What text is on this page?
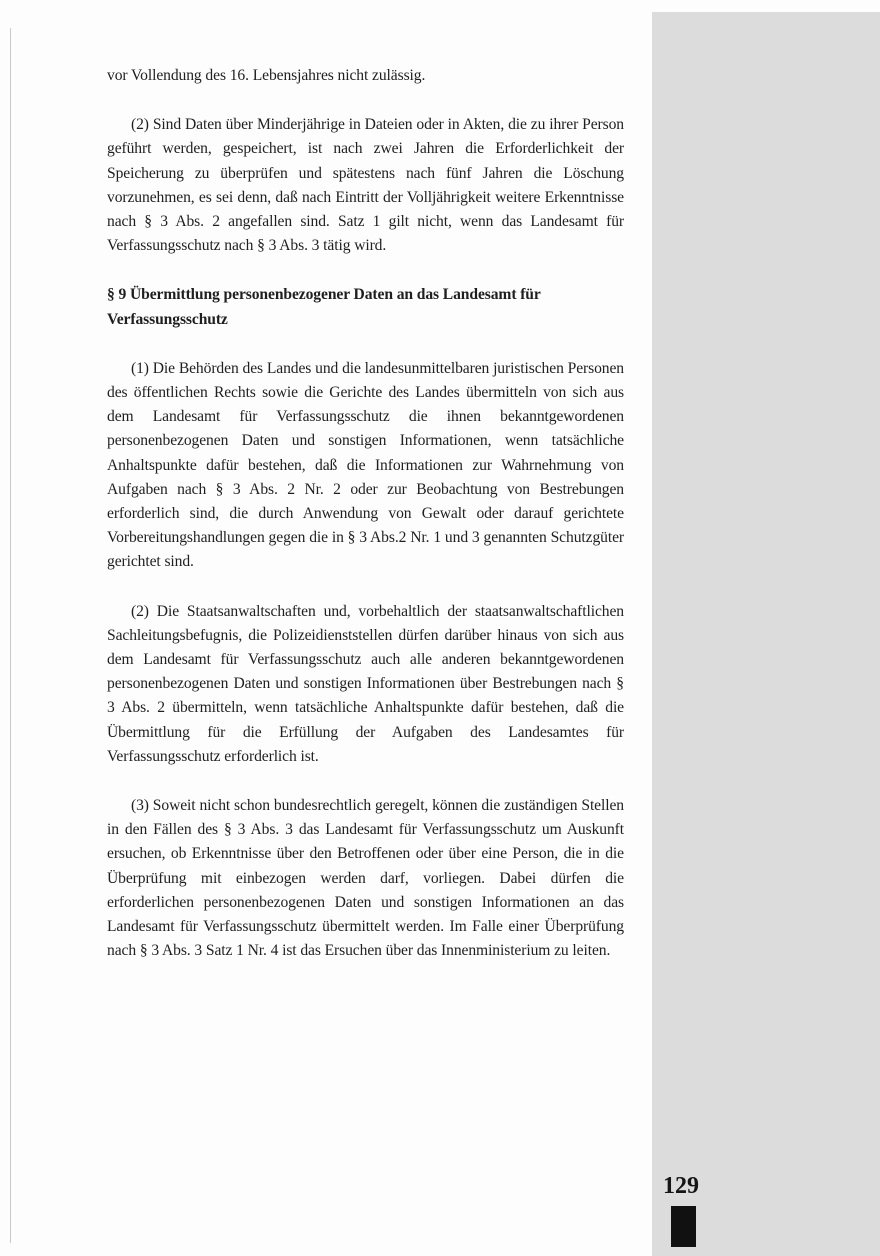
vor Vollendung des 16. Lebensjahres nicht zulässig.

(2) Sind Daten über Minderjährige in Dateien oder in Akten, die zu ihrer Person geführt werden, gespeichert, ist nach zwei Jahren die Erforderlichkeit der Speicherung zu überprüfen und spätestens nach fünf Jahren die Löschung vorzunehmen, es sei denn, daß nach Eintritt der Volljährigkeit weitere Erkenntnisse nach § 3 Abs. 2 angefallen sind. Satz 1 gilt nicht, wenn das Landesamt für Verfassungsschutz nach § 3 Abs. 3 tätig wird.

§ 9 Übermittlung personenbezogener Daten an das Landesamt für Verfassungsschutz

(1) Die Behörden des Landes und die landesunmittelbaren juristischen Personen des öffentlichen Rechts sowie die Gerichte des Landes übermitteln von sich aus dem Landesamt für Verfassungsschutz die ihnen bekanntgewordenen personenbezogenen Daten und sonstigen Informationen, wenn tatsächliche Anhaltspunkte dafür bestehen, daß die Informationen zur Wahrnehmung von Aufgaben nach § 3 Abs. 2 Nr. 2 oder zur Beobachtung von Bestrebungen erforderlich sind, die durch Anwendung von Gewalt oder darauf gerichtete Vorbereitungshandlungen gegen die in § 3 Abs.2 Nr. 1 und 3 genannten Schutzgüter gerichtet sind.

(2) Die Staatsanwaltschaften und, vorbehaltlich der staatsanwaltschaftlichen Sachleitungsbefugnis, die Polizeidienststellen dürfen darüber hinaus von sich aus dem Landesamt für Verfassungsschutz auch alle anderen bekanntgewordenen personenbezogenen Daten und sonstigen Informationen über Bestrebungen nach § 3 Abs. 2 übermitteln, wenn tatsächliche Anhaltspunkte dafür bestehen, daß die Übermittlung für die Erfüllung der Aufgaben des Landesamtes für Verfassungsschutz erforderlich ist.

(3) Soweit nicht schon bundesrechtlich geregelt, können die zuständigen Stellen in den Fällen des § 3 Abs. 3 das Landesamt für Verfassungsschutz um Auskunft ersuchen, ob Erkenntnisse über den Betroffenen oder über eine Person, die in die Überprüfung mit einbezogen werden darf, vorliegen. Dabei dürfen die erforderlichen personenbezogenen Daten und sonstigen Informationen an das Landesamt für Verfassungsschutz übermittelt werden. Im Falle einer Überprüfung nach § 3 Abs. 3 Satz 1 Nr. 4 ist das Ersuchen über das Innenministerium zu leiten.

129
